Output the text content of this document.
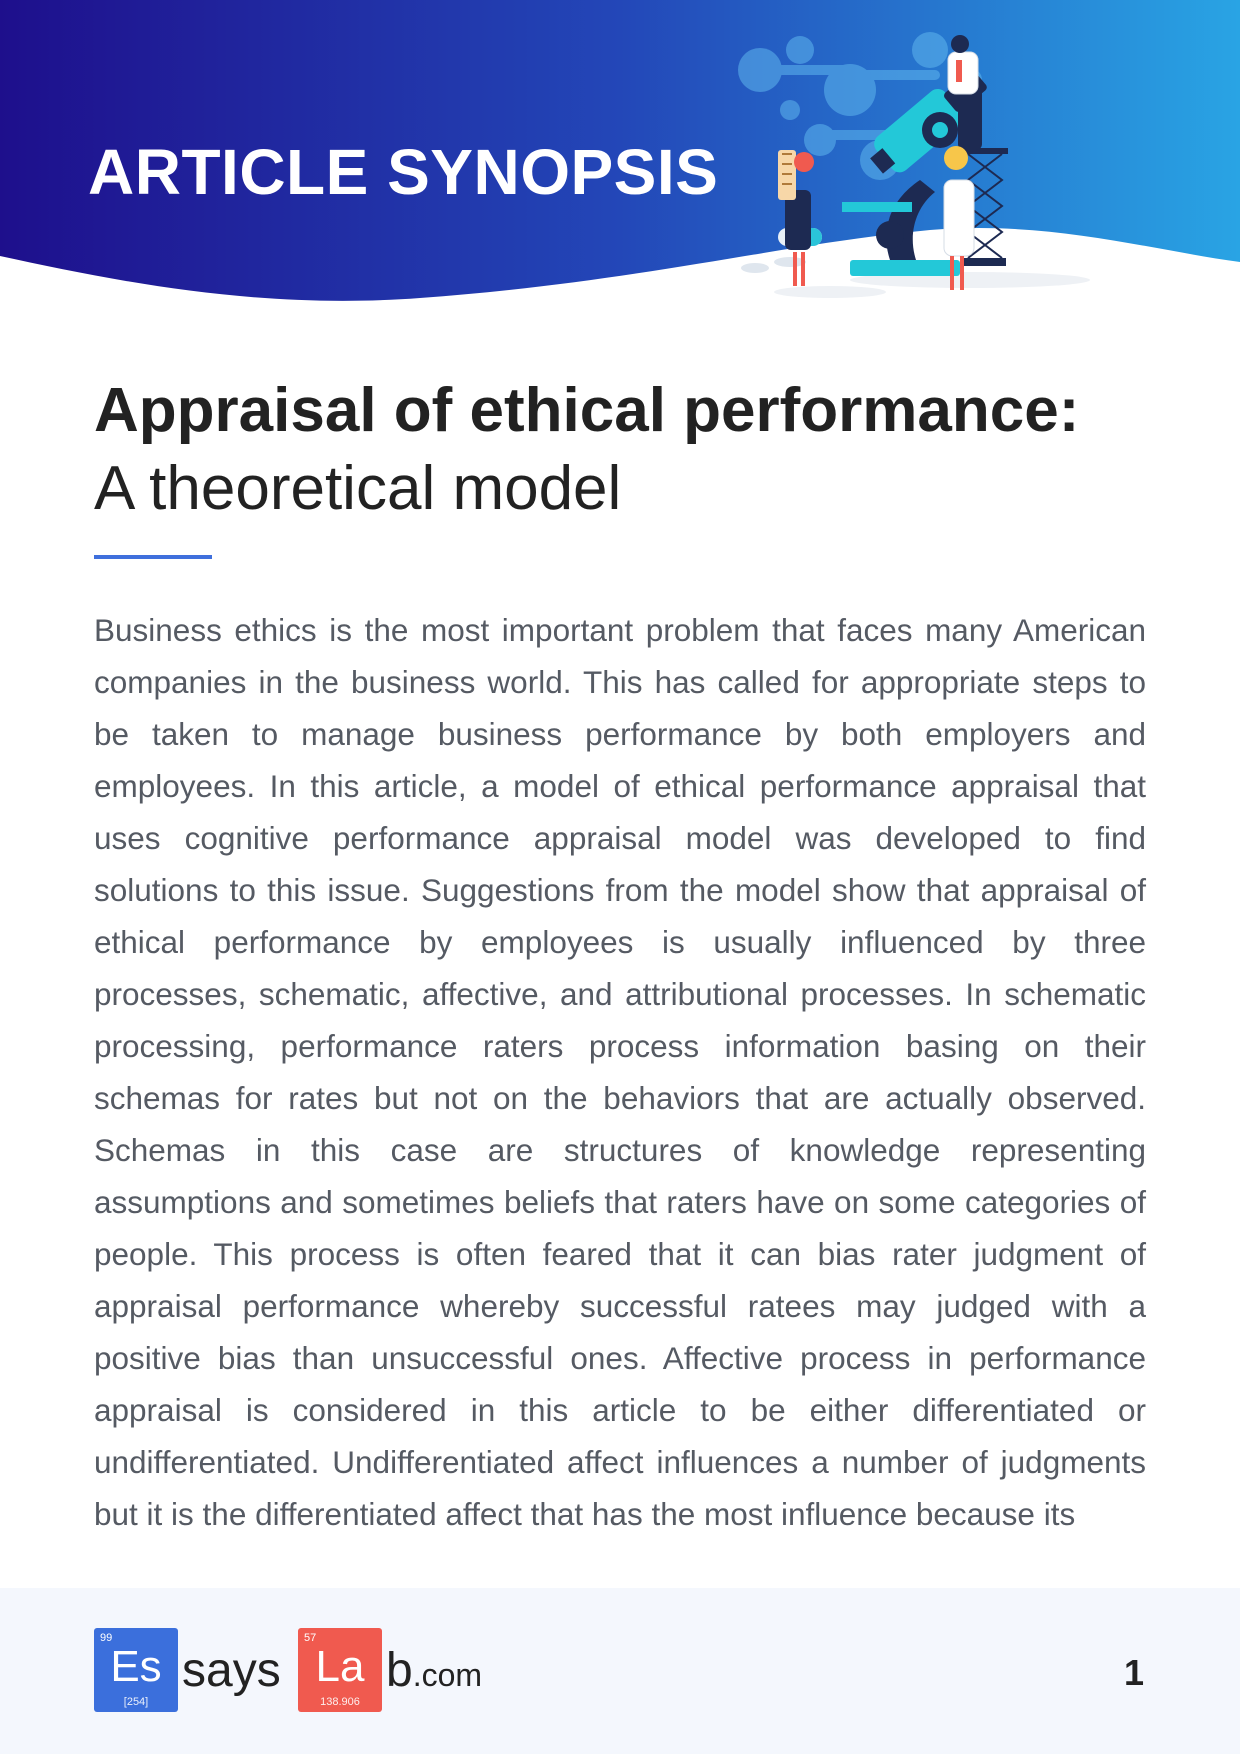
ARTICLE SYNOPSIS
Appraisal of ethical performance:
A theoretical model

Business ethics is the most important problem that faces many American companies in the business world. This has called for appropriate steps to be taken to manage business performance by both employers and employees. In this article, a model of ethical performance appraisal that uses cognitive performance appraisal model was developed to find solutions to this issue. Suggestions from the model show that appraisal of ethical performance by employees is usually influenced by three processes, schematic, affective, and attributional processes. In schematic processing, performance raters process information basing on their schemas for rates but not on the behaviors that are actually observed. Schemas in this case are structures of knowledge representing assumptions and sometimes beliefs that raters have on some categories of people. This process is often feared that it can bias rater judgment of appraisal performance whereby successful ratees may judged with a positive bias than unsuccessful ones. Affective process in performance appraisal is considered in this article to be either differentiated or undifferentiated. Undifferentiated affect influences a number of judgments but it is the differentiated affect that has the most influence because its

99
Es
[254]
says
57
La
138.906
b.com	1
